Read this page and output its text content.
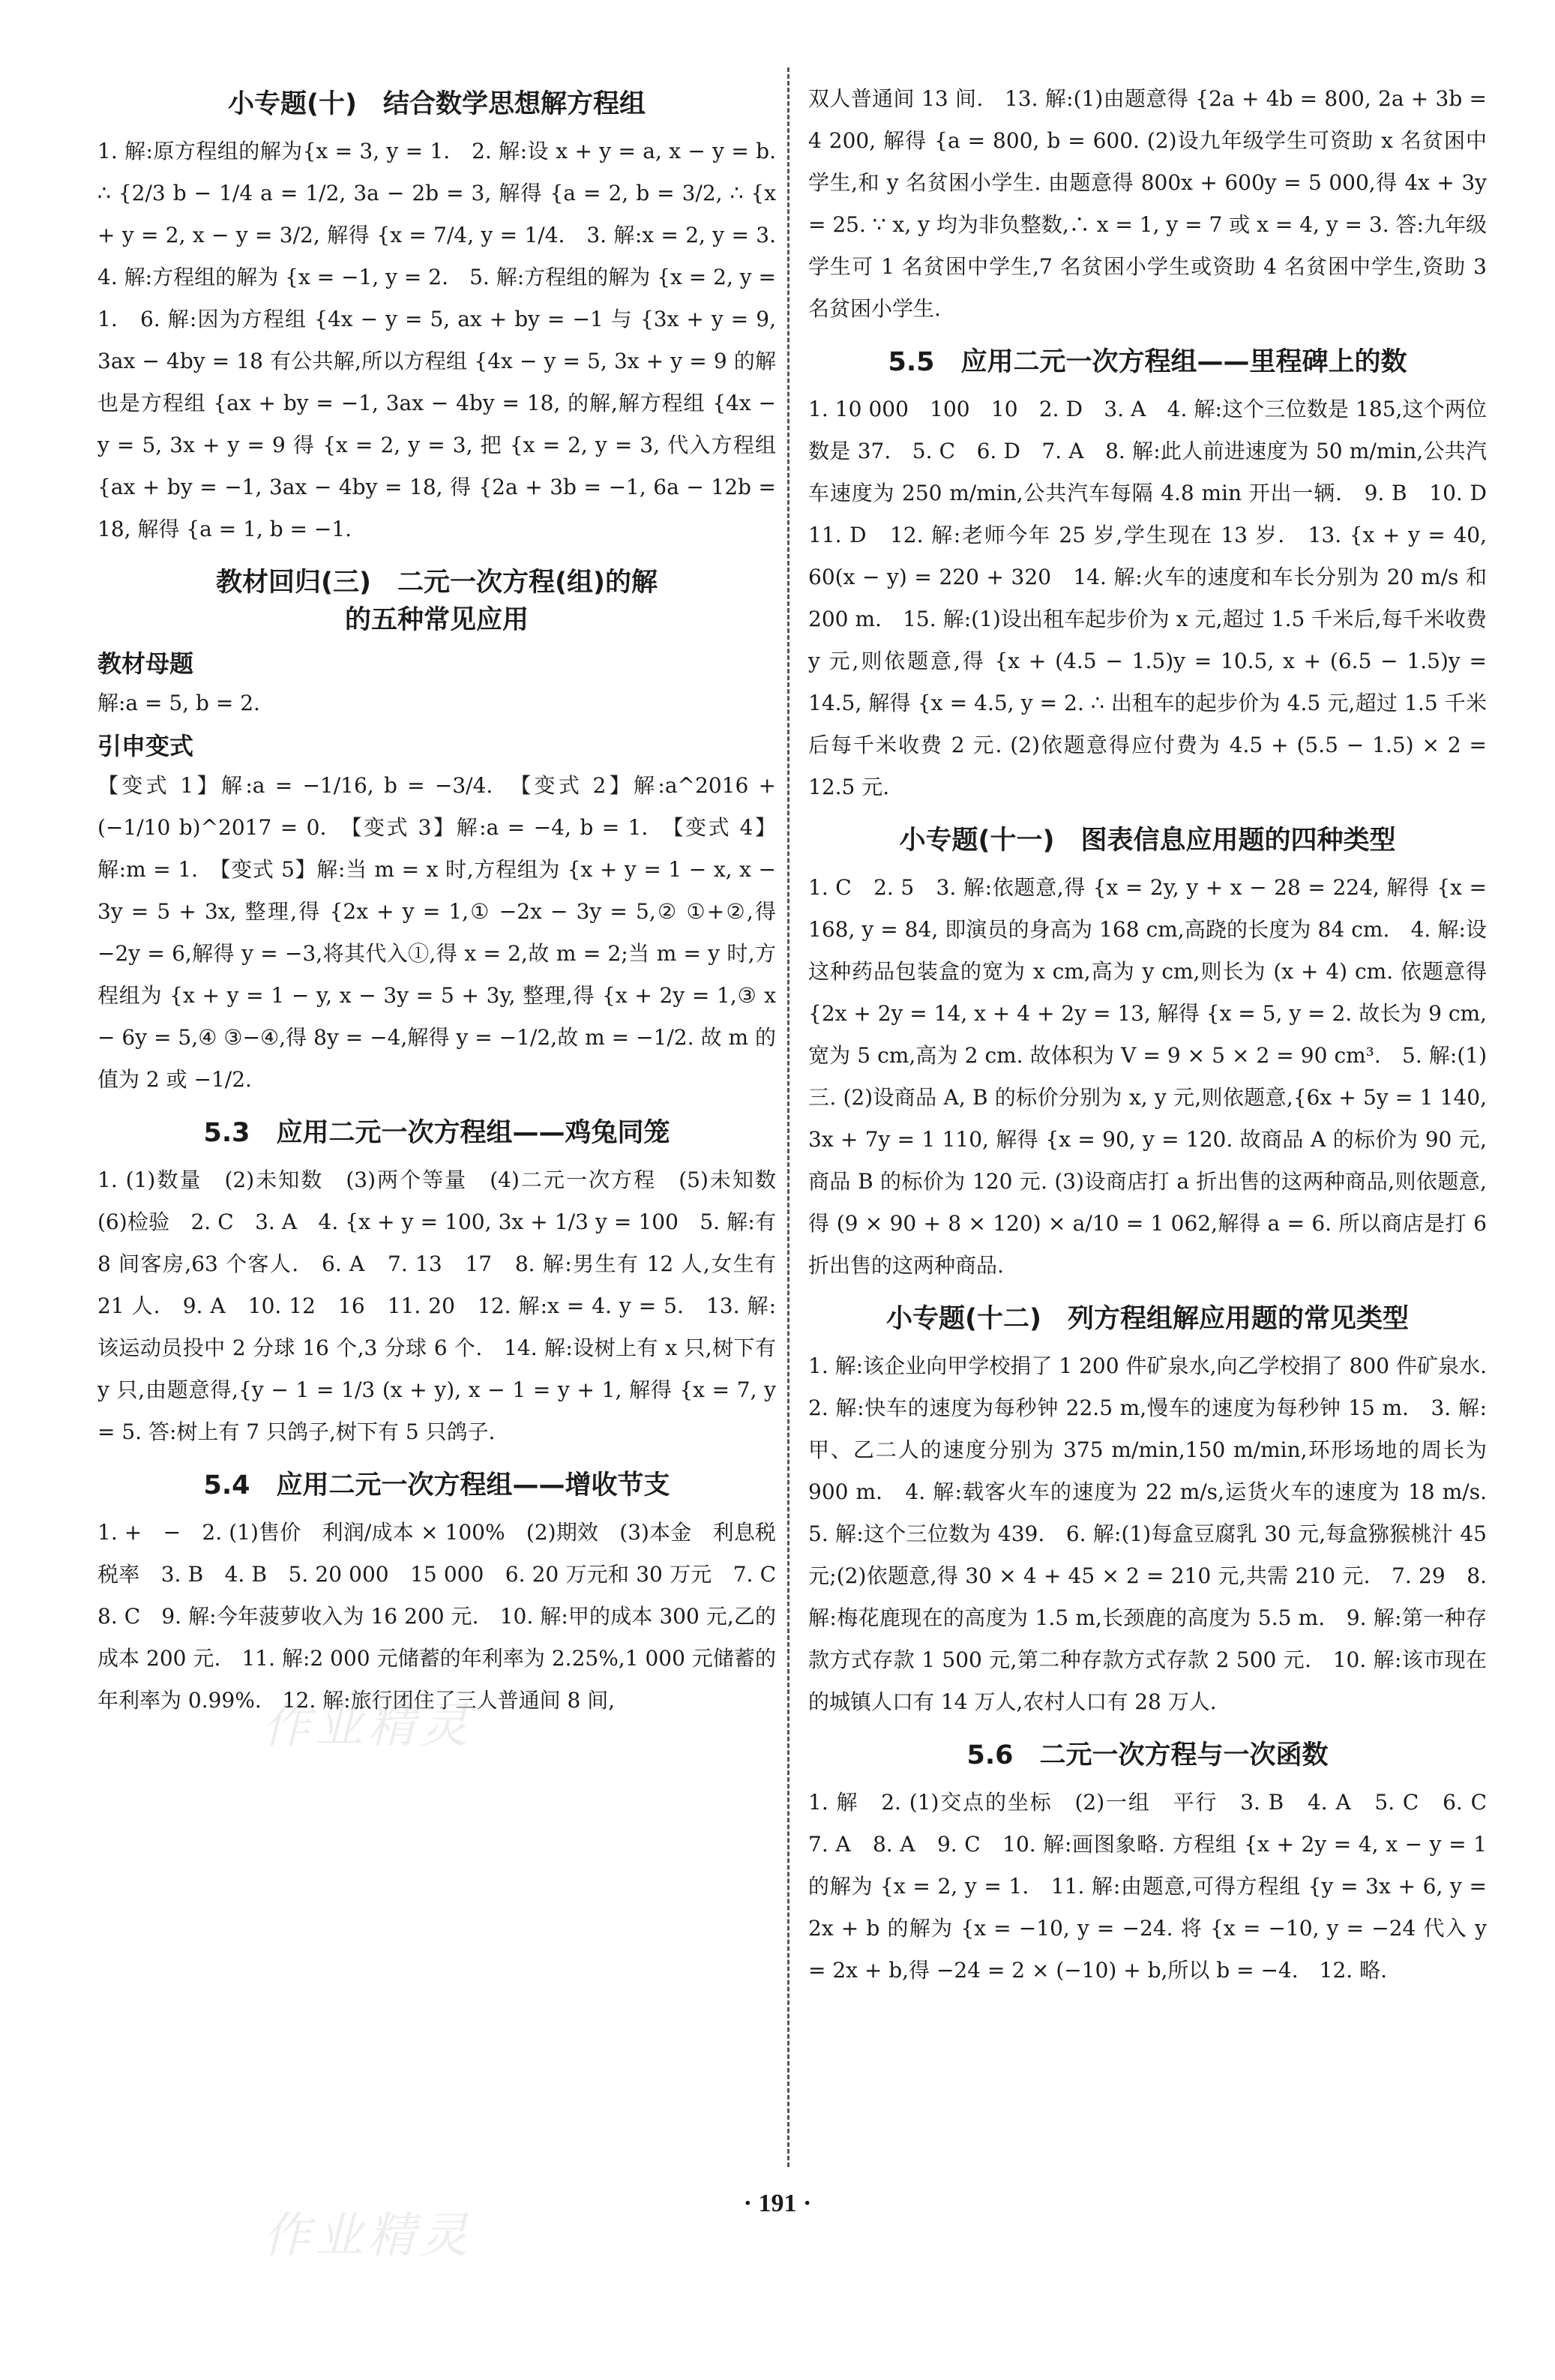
小专题(十)　结合数学思想解方程组

1. 解:原方程组的解为{x = 3, y = 1.　2. 解:设 x + y = a, x − y = b. ∴ {2/3 b − 1/4 a = 1/2, 3a − 2b = 3, 解得 {a = 2, b = 3/2, ∴ {x + y = 2, x − y = 3/2, 解得 {x = 7/4, y = 1/4.　3. 解:x = 2, y = 3.　4. 解:方程组的解为 {x = −1, y = 2.　5. 解:方程组的解为 {x = 2, y = 1.　6. 解:因为方程组 {4x − y = 5, ax + by = −1 与 {3x + y = 9, 3ax − 4by = 18 有公共解,所以方程组 {4x − y = 5, 3x + y = 9 的解也是方程组 {ax + by = −1, 3ax − 4by = 18, 的解,解方程组 {4x − y = 5, 3x + y = 9 得 {x = 2, y = 3, 把 {x = 2, y = 3, 代入方程组 {ax + by = −1, 3ax − 4by = 18, 得 {2a + 3b = −1, 6a − 12b = 18, 解得 {a = 1, b = −1.

教材回归(三)　二元一次方程(组)的解
的五种常见应用
教材母题

解:a = 5, b = 2.

引申变式

【变式 1】解:a = −1/16, b = −3/4.　【变式 2】解:a^2016 + (−1/10 b)^2017 = 0.　【变式 3】解:a = −4, b = 1.　【变式 4】解:m = 1.　【变式 5】解:当 m = x 时,方程组为 {x + y = 1 − x, x − 3y = 5 + 3x, 整理,得 {2x + y = 1,① −2x − 3y = 5,② ①+②,得 −2y = 6,解得 y = −3,将其代入①,得 x = 2,故 m = 2;当 m = y 时,方程组为 {x + y = 1 − y, x − 3y = 5 + 3y, 整理,得 {x + 2y = 1,③ x − 6y = 5,④ ③−④,得 8y = −4,解得 y = −1/2,故 m = −1/2. 故 m 的值为 2 或 −1/2.

5.3　应用二元一次方程组——鸡兔同笼

1. (1)数量　(2)未知数　(3)两个等量　(4)二元一次方程　(5)未知数　(6)检验　2. C　3. A　4. {x + y = 100, 3x + 1/3 y = 100　5. 解:有 8 间客房,63 个客人.　6. A　7. 13　17　8. 解:男生有 12 人,女生有 21 人.　9. A　10. 12　16　11. 20　12. 解:x = 4. y = 5.　13. 解:该运动员投中 2 分球 16 个,3 分球 6 个.　14. 解:设树上有 x 只,树下有 y 只,由题意得,{y − 1 = 1/3 (x + y), x − 1 = y + 1, 解得 {x = 7, y = 5. 答:树上有 7 只鸽子,树下有 5 只鸽子.

5.4　应用二元一次方程组——增收节支

1. +　−　2. (1)售价　利润/成本 × 100%　(2)期效　(3)本金　利息税　税率　3. B　4. B　5. 20 000　15 000　6. 20 万元和 30 万元　7. C　8. C　9. 解:今年菠萝收入为 16 200 元.　10. 解:甲的成本 300 元,乙的成本 200 元.　11. 解:2 000 元储蓄的年利率为 2.25%,1 000 元储蓄的年利率为 0.99%.　12. 解:旅行团住了三人普通间 8 间,

双人普通间 13 间.　13. 解:(1)由题意得 {2a + 4b = 800, 2a + 3b = 4 200, 解得 {a = 800, b = 600. (2)设九年级学生可资助 x 名贫困中学生,和 y 名贫困小学生. 由题意得 800x + 600y = 5 000,得 4x + 3y = 25. ∵ x, y 均为非负整数,∴ x = 1, y = 7 或 x = 4, y = 3. 答:九年级学生可 1 名贫困中学生,7 名贫困小学生或资助 4 名贫困中学生,资助 3 名贫困小学生.

5.5　应用二元一次方程组——里程碑上的数

1. 10 000　100　10　2. D　3. A　4. 解:这个三位数是 185,这个两位数是 37.　5. C　6. D　7. A　8. 解:此人前进速度为 50 m/min,公共汽车速度为 250 m/min,公共汽车每隔 4.8 min 开出一辆.　9. B　10. D　11. D　12. 解:老师今年 25 岁,学生现在 13 岁.　13. {x + y = 40, 60(x − y) = 220 + 320　14. 解:火车的速度和车长分别为 20 m/s 和 200 m.　15. 解:(1)设出租车起步价为 x 元,超过 1.5 千米后,每千米收费 y 元,则依题意,得 {x + (4.5 − 1.5)y = 10.5, x + (6.5 − 1.5)y = 14.5, 解得 {x = 4.5, y = 2. ∴ 出租车的起步价为 4.5 元,超过 1.5 千米后每千米收费 2 元. (2)依题意得应付费为 4.5 + (5.5 − 1.5) × 2 = 12.5 元.

小专题(十一)　图表信息应用题的四种类型

1. C　2. 5　3. 解:依题意,得 {x = 2y, y + x − 28 = 224, 解得 {x = 168, y = 84, 即演员的身高为 168 cm,高跷的长度为 84 cm.　4. 解:设这种药品包装盒的宽为 x cm,高为 y cm,则长为 (x + 4) cm. 依题意得 {2x + 2y = 14, x + 4 + 2y = 13, 解得 {x = 5, y = 2. 故长为 9 cm,宽为 5 cm,高为 2 cm. 故体积为 V = 9 × 5 × 2 = 90 cm³.　5. 解:(1)三. (2)设商品 A, B 的标价分别为 x, y 元,则依题意,{6x + 5y = 1 140, 3x + 7y = 1 110, 解得 {x = 90, y = 120. 故商品 A 的标价为 90 元,商品 B 的标价为 120 元. (3)设商店打 a 折出售的这两种商品,则依题意,得 (9 × 90 + 8 × 120) × a/10 = 1 062,解得 a = 6. 所以商店是打 6 折出售的这两种商品.

小专题(十二)　列方程组解应用题的常见类型

1. 解:该企业向甲学校捐了 1 200 件矿泉水,向乙学校捐了 800 件矿泉水.　2. 解:快车的速度为每秒钟 22.5 m,慢车的速度为每秒钟 15 m.　3. 解:甲、乙二人的速度分别为 375 m/min,150 m/min,环形场地的周长为 900 m.　4. 解:载客火车的速度为 22 m/s,运货火车的速度为 18 m/s.　5. 解:这个三位数为 439.　6. 解:(1)每盒豆腐乳 30 元,每盒猕猴桃汁 45 元;(2)依题意,得 30 × 4 + 45 × 2 = 210 元,共需 210 元.　7. 29　8. 解:梅花鹿现在的高度为 1.5 m,长颈鹿的高度为 5.5 m.　9. 解:第一种存款方式存款 1 500 元,第二种存款方式存款 2 500 元.　10. 解:该市现在的城镇人口有 14 万人,农村人口有 28 万人.

5.6　二元一次方程与一次函数

1. 解　2. (1)交点的坐标　(2)一组　平行　3. B　4. A　5. C　6. C　7. A　8. A　9. C　10. 解:画图象略. 方程组 {x + 2y = 4, x − y = 1 的解为 {x = 2, y = 1.　11. 解:由题意,可得方程组 {y = 3x + 6, y = 2x + b 的解为 {x = −10, y = −24. 将 {x = −10, y = −24 代入 y = 2x + b,得 −24 = 2 × (−10) + b,所以 b = −4.　12. 略.

作业精灵
作业精灵
· 191 ·
